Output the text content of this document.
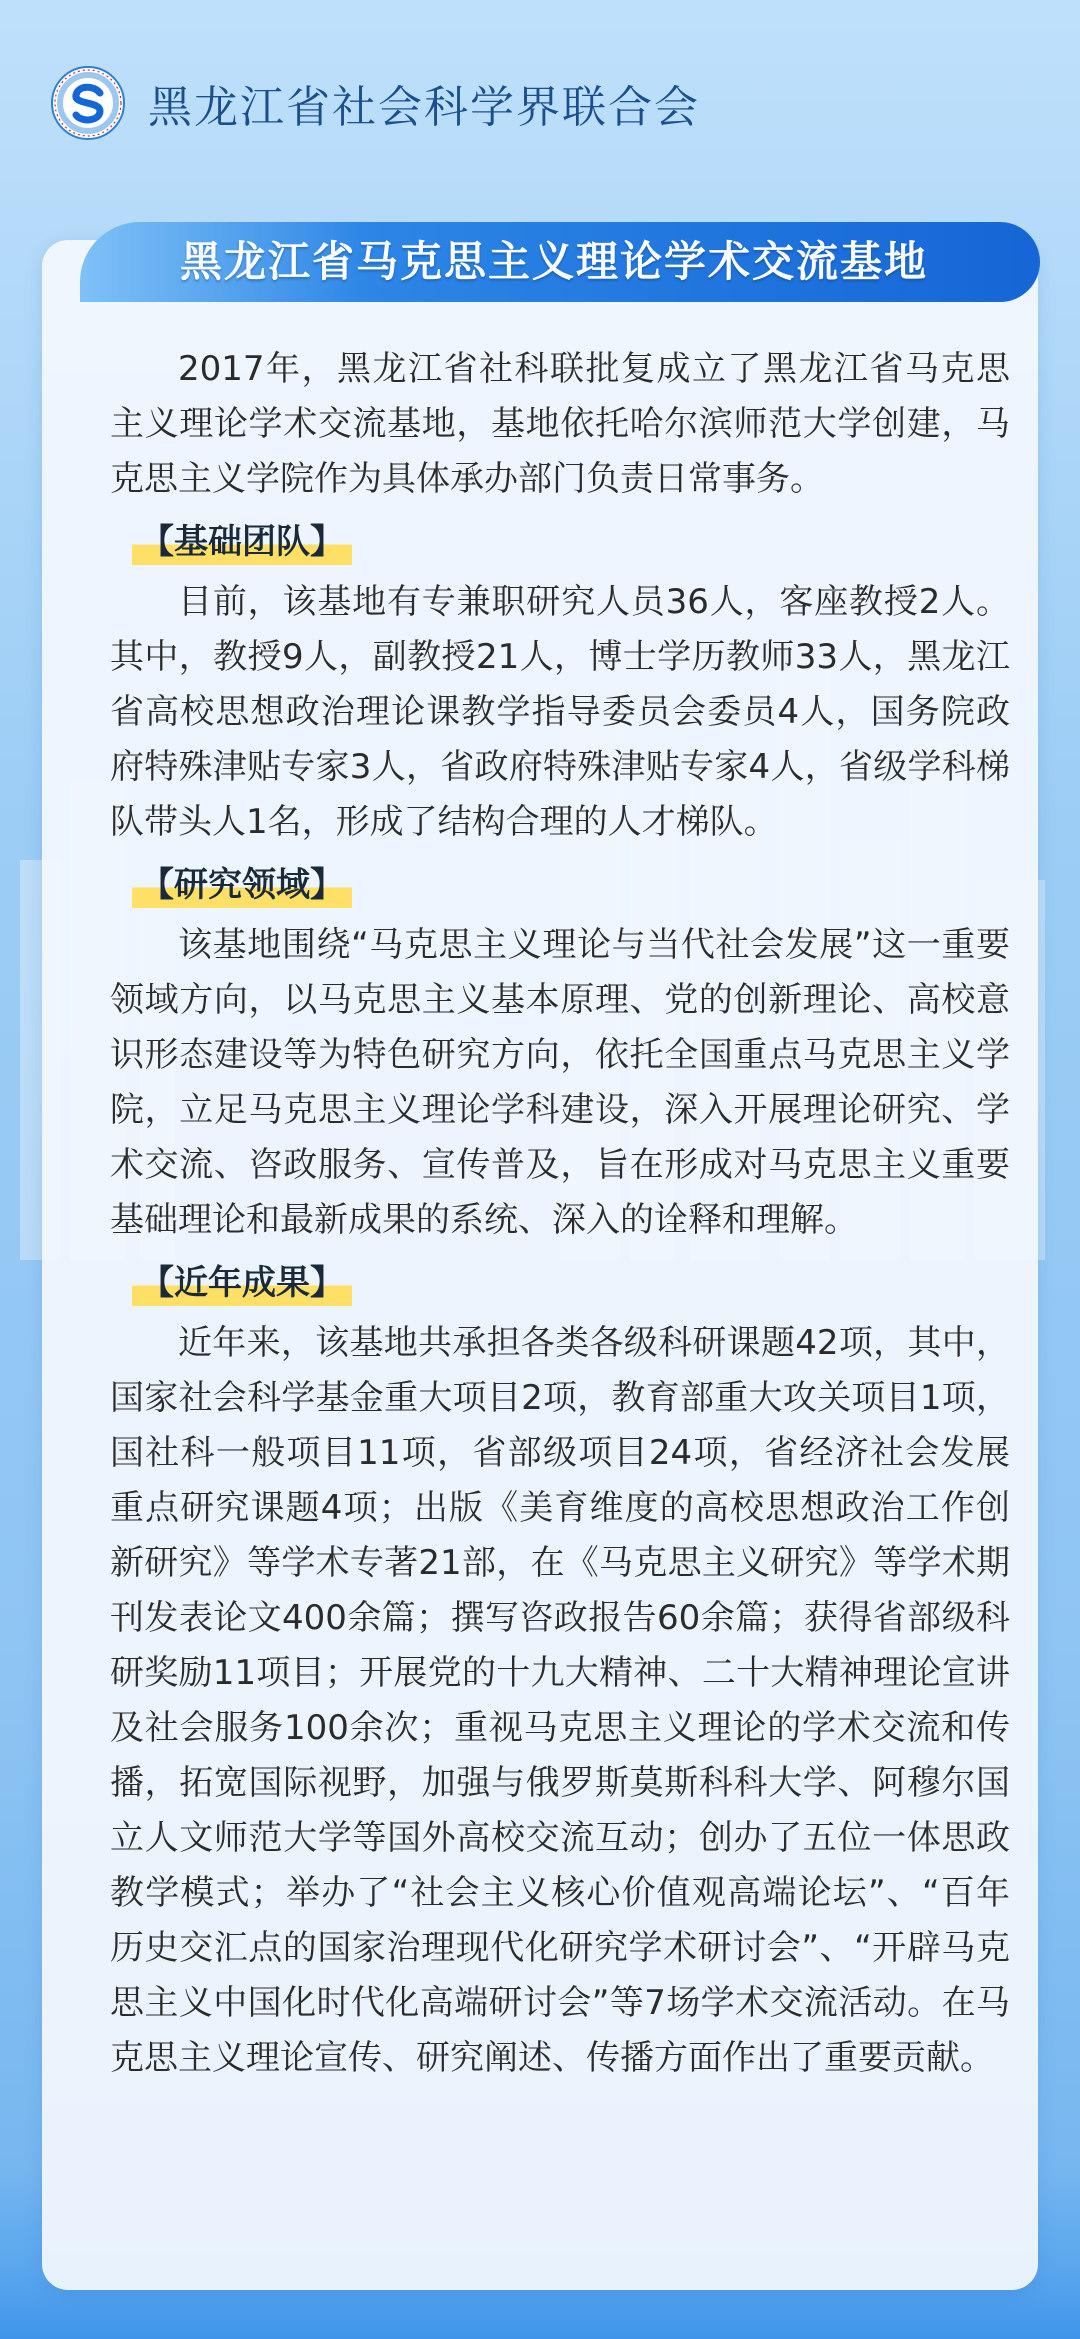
黑龙江省社会科学界联合会
黑龙江省马克思主义理论学术交流基地

2017年，黑龙江省社科联批复成立了黑龙江省马克思主义理论学术交流基地，基地依托哈尔滨师范大学创建，马克思主义学院作为具体承办部门负责日常事务。

【基础团队】

目前，该基地有专兼职研究人员36人，客座教授2人。其中，教授9人，副教授21人，博士学历教师33人，黑龙江省高校思想政治理论课教学指导委员会委员4人，国务院政府特殊津贴专家3人，省政府特殊津贴专家4人，省级学科梯队带头人1名，形成了结构合理的人才梯队。

【研究领域】

该基地围绕“马克思主义理论与当代社会发展”这一重要领域方向，以马克思主义基本原理、党的创新理论、高校意识形态建设等为特色研究方向，依托全国重点马克思主义学院，立足马克思主义理论学科建设，深入开展理论研究、学术交流、咨政服务、宣传普及，旨在形成对马克思主义重要基础理论和最新成果的系统、深入的诠释和理解。

【近年成果】

近年来，该基地共承担各类各级科研课题42项，其中，国家社会科学基金重大项目2项，教育部重大攻关项目1项，国社科一般项目11项，省部级项目24项，省经济社会发展重点研究课题4项；出版《美育维度的高校思想政治工作创新研究》等学术专著21部，在《马克思主义研究》等学术期刊发表论文400余篇；撰写咨政报告60余篇；获得省部级科研奖励11项目；开展党的十九大精神、二十大精神理论宣讲及社会服务100余次；重视马克思主义理论的学术交流和传播，拓宽国际视野，加强与俄罗斯莫斯科科大学、阿穆尔国立人文师范大学等国外高校交流互动；创办了五位一体思政教学模式；举办了“社会主义核心价值观高端论坛”、“百年历史交汇点的国家治理现代化研究学术研讨会”、“开辟马克思主义中国化时代化高端研讨会”等7场学术交流活动。在马克思主义理论宣传、研究阐述、传播方面作出了重要贡献。
